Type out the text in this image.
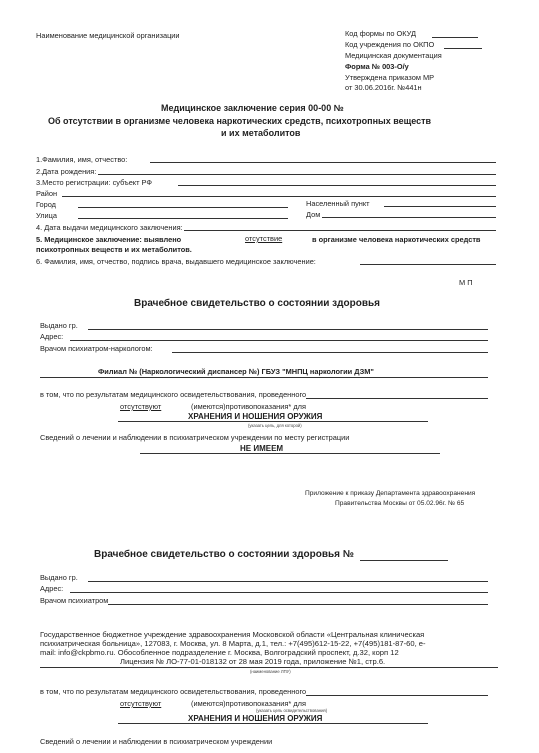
Наименование медицинской организации	Код формы по ОКУД
Код учреждения по ОКПО
Медицинская документация
Форма № 003-О/у
Утверждена приказом МР
от 30.06.2016г. №441н
Медицинское заключение серия 00-00 №
Об отсутствии в организме человека наркотических средств, психотропных веществ
и их метаболитов
1.Фамилия, имя, отчество:
2.Дата рождения:
3.Место регистрации: субъект РФ
Район
Город	Населенный пункт
Улица	Дом
4. Дата выдачи медицинского заключения:
5. Медицинское заключение: выявлено	отсутствие	в организме человека наркотических средств
психотропных веществ и их метаболитов.
6. Фамилия, имя, отчество, подпись врача, выдавшего медицинское заключение:
М П
Врачебное свидетельство о состоянии здоровья
Выдано гр.
Адрес:
Врачом психиатром-наркологом:
Филиал № (Наркологический диспансер №) ГБУЗ "МНПЦ наркологии ДЗМ"
в том, что по результатам медицинского освидетельствования, проведенного
отсутствуют	(имеются)противопоказания* для
ХРАНЕНИЯ И НОШЕНИЯ ОРУЖИЯ
(указать цель, для которой)
Сведений о лечении и наблюдении в психиатрическом учреждении по месту регистрации
НЕ ИМЕЕМ
Приложение к приказу Департамента здравоохранения
Правительства Москвы от 05.02.96г. № 65
Врачебное свидетельство о состоянии здоровья №
Выдано гр.
Адрес:
Врачом психиатром
Государственное бюджетное учреждение здравоохранения Московской области «Центральная клиническая
психиатрическая больница», 127083, г. Москва, ул. 8 Марта, д.1, тел.: +7(495)612-15-22, +7(495)181-87-60, e-
mail: info@ckpbmo.ru. Обособленное подразделение г. Москва, Волгоградский проспект, д.32, корп 12
Лицензия № ЛО-77-01-018132 от 28 мая 2019 года, приложение №1, стр.6.
(наименование ЛПУ)
в том, что по результатам медицинского освидетельствования, проведенного
отсутствуют	(имеются)противопоказания* для
(указать цель освидетельствования)
ХРАНЕНИЯ И НОШЕНИЯ ОРУЖИЯ
Сведений о лечении и наблюдении в психиатрическом учреждении
